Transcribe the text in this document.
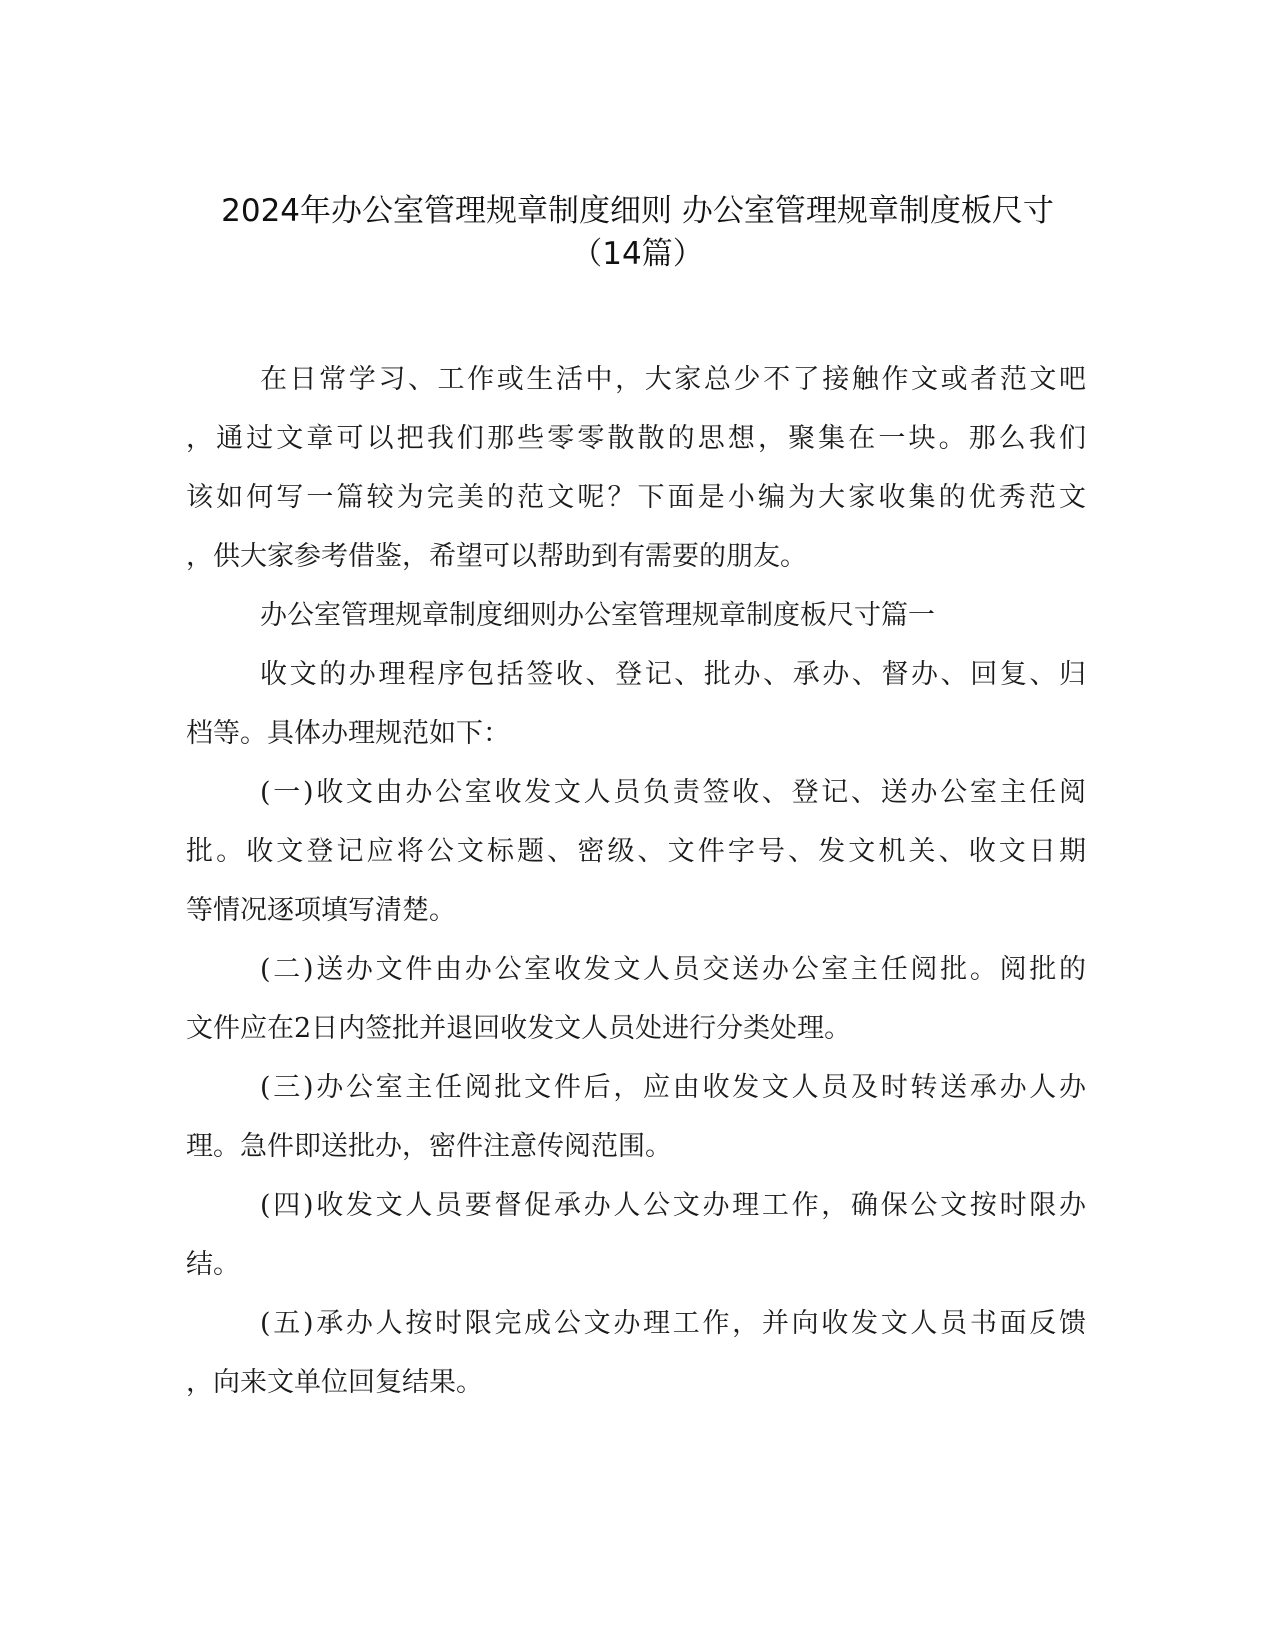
2024年办公室管理规章制度细则 办公室管理规章制度板尺寸
（14篇）
在日常学习、工作或生活中，大家总少不了接触作文或者范文吧
，通过文章可以把我们那些零零散散的思想，聚集在一块。那么我们
该如何写一篇较为完美的范文呢？下面是小编为大家收集的优秀范文
，供大家参考借鉴，希望可以帮助到有需要的朋友。
办公室管理规章制度细则办公室管理规章制度板尺寸篇一
收文的办理程序包括签收、登记、批办、承办、督办、回复、归
档等。具体办理规范如下：
(一)收文由办公室收发文人员负责签收、登记、送办公室主任阅
批。收文登记应将公文标题、密级、文件字号、发文机关、收文日期
等情况逐项填写清楚。
(二)送办文件由办公室收发文人员交送办公室主任阅批。阅批的
文件应在2日内签批并退回收发文人员处进行分类处理。
(三)办公室主任阅批文件后，应由收发文人员及时转送承办人办
理。急件即送批办，密件注意传阅范围。
(四)收发文人员要督促承办人公文办理工作，确保公文按时限办
结。
(五)承办人按时限完成公文办理工作，并向收发文人员书面反馈
，向来文单位回复结果。
